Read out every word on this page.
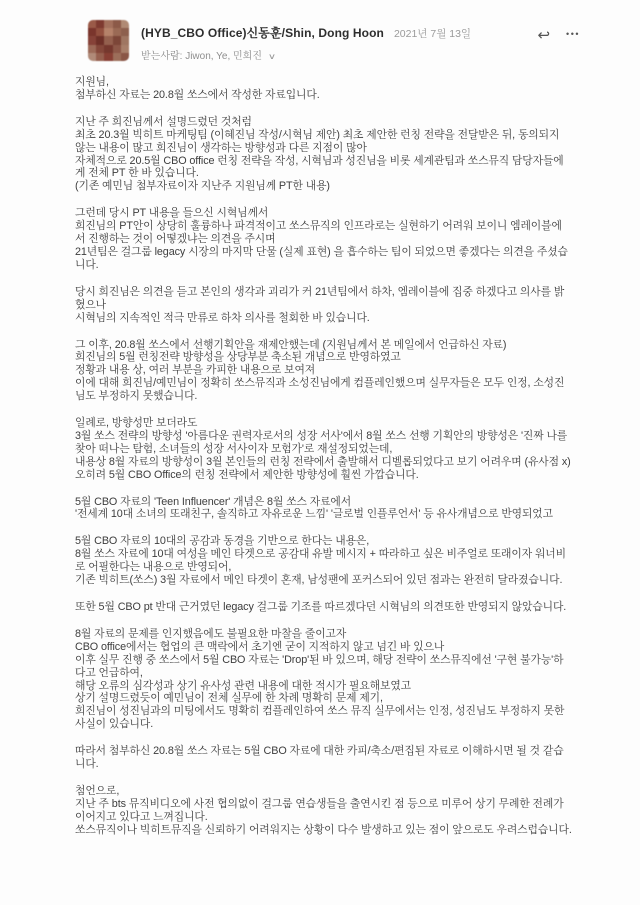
(HYB_CBO Office)신동훈/Shin, Dong Hoon 2021년 7월 13일
받는사람: Jiwon, Ye, 민희진 ∨
↩ •••

지원님,
첨부하신 자료는 20.8월 쏘스에서 작성한 자료입니다.

지난 주 희진님께서 설명드렸던 것처럼
최초 20.3월 빅히트 마케팅팀 (이혜진님 작성/시혁님 제안) 최초 제안한 런칭 전략을 전달받은 뒤, 동의되지 않는 내용이 많고 희진님이 생각하는 방향성과 다른 지점이 많아
자체적으로 20.5월 CBO office 런칭 전략을 작성, 시혁님과 성진님을 비롯 세계관팀과 쏘스뮤직 담당자들에게 전체 PT 한 바 있습니다.
(기존 예민님 첨부자료이자 지난주 지원님께 PT한 내용)

그런데 당시 PT 내용을 들으신 시혁님께서
희진님의 PT안이 상당히 훌륭하나 파격적이고 쏘스뮤직의 인프라로는 실현하기 어려워 보이니 엠레이블에서 진행하는 것이 어떻겠냐는 의견을 주시며
21년팀은 걸그룹 legacy 시장의 마지막 단물 (실제 표현) 을 흡수하는 팀이 되었으면 좋겠다는 의견을 주셨습니다.

당시 희진님은 의견을 듣고 본인의 생각과 괴리가 커 21년팀에서 하차, 엠레이블에 집중 하겠다고 의사를 밝혔으나
시혁님의 지속적인 적극 만류로 하차 의사를 철회한 바 있습니다.

그 이후, 20.8월 쏘스에서 선행기획안을 재제안했는데 (지원님께서 본 메일에서 언급하신 자료)
희진님의 5월 런칭전략 방향성을 상당부분 축소된 개념으로 반영하였고
정황과 내용 상, 여러 부분을 카피한 내용으로 보여져
이에 대해 희진님/예민님이 정확히 쏘스뮤직과 소성진님에게 컴플레인했으며 실무자들은 모두 인정, 소성진님도 부정하지 못했습니다.

일례로, 방향성만 보더라도
3월 쏘스 전략의 방향성 '아름다운 권력자로서의 성장 서사'에서 8월 쏘스 선행 기획안의 방향성은 '진짜 나를 찾아 떠나는 탐험, 소녀들의 성장 서사이자 모험가'로 재설정되었는데,
내용상 8월 자료의 방향성이 3월 본인들의 런칭 전략에서 출발해서 디벨롭되었다고 보기 어려우며 (유사점 x)
오히려 5월 CBO Office의 런칭 전략에서 제안한 방향성에 훨씬 가깝습니다.

5월 CBO 자료의 'Teen Influencer' 개념은 8월 쏘스 자료에서
'전세계 10대 소녀의 또래친구, 솔직하고 자유로운 느낌' '글로벌 인플루언서' 등 유사개념으로 반영되었고

5월 CBO 자료의 10대의 공감과 동경을 기반으로 한다는 내용은,
8월 쏘스 자료에 10대 여성을 메인 타겟으로 공감대 유발 메시지 + 따라하고 싶은 비주얼로 또래이자 워너비로 어필한다는 내용으로 반영되어,
기존 빅히트(쏘스) 3월 자료에서 메인 타겟이 혼재, 남성팬에 포커스되어 있던 점과는 완전히 달라졌습니다.

또한 5월 CBO pt 반대 근거였던 legacy 걸그룹 기조를 따르겠다던 시혁님의 의견또한 반영되지 않았습니다.

8월 자료의 문제를 인지했음에도 불필요한 마찰을 줄이고자
CBO office에서는 협업의 큰 맥락에서 초기엔 굳이 지적하지 않고 넘긴 바 있으나
이후 실무 진행 중 쏘스에서 5월 CBO 자료는 'Drop'된 바 있으며, 해당 전략이 쏘스뮤직에선 '구현 불가능'하다고 언급하여,
해당 오류의 심각성과 상기 유사성 관련 내용에 대한 적시가 필요해보였고
상기 설명드렸듯이 예민님이 전체 실무에 한 차례 명확히 문제 제기,
희진님이 성진님과의 미팅에서도 명확히 컴플레인하여 쏘스 뮤직 실무에서는 인정, 성진님도 부정하지 못한 사실이 있습니다.

따라서 첨부하신 20.8월 쏘스 자료는 5월 CBO 자료에 대한 카피/축소/편집된 자료로 이해하시면 될 것 같습니다.

첨언으로,
지난 주 bts 뮤직비디오에 사전 협의없이 걸그룹 연습생들을 출연시킨 점 등으로 미루어 상기 무례한 전례가 이어지고 있다고 느껴집니다.
쏘스뮤직이나 빅히트뮤직을 신뢰하기 어려워지는 상황이 다수 발생하고 있는 점이 앞으로도 우려스럽습니다.
